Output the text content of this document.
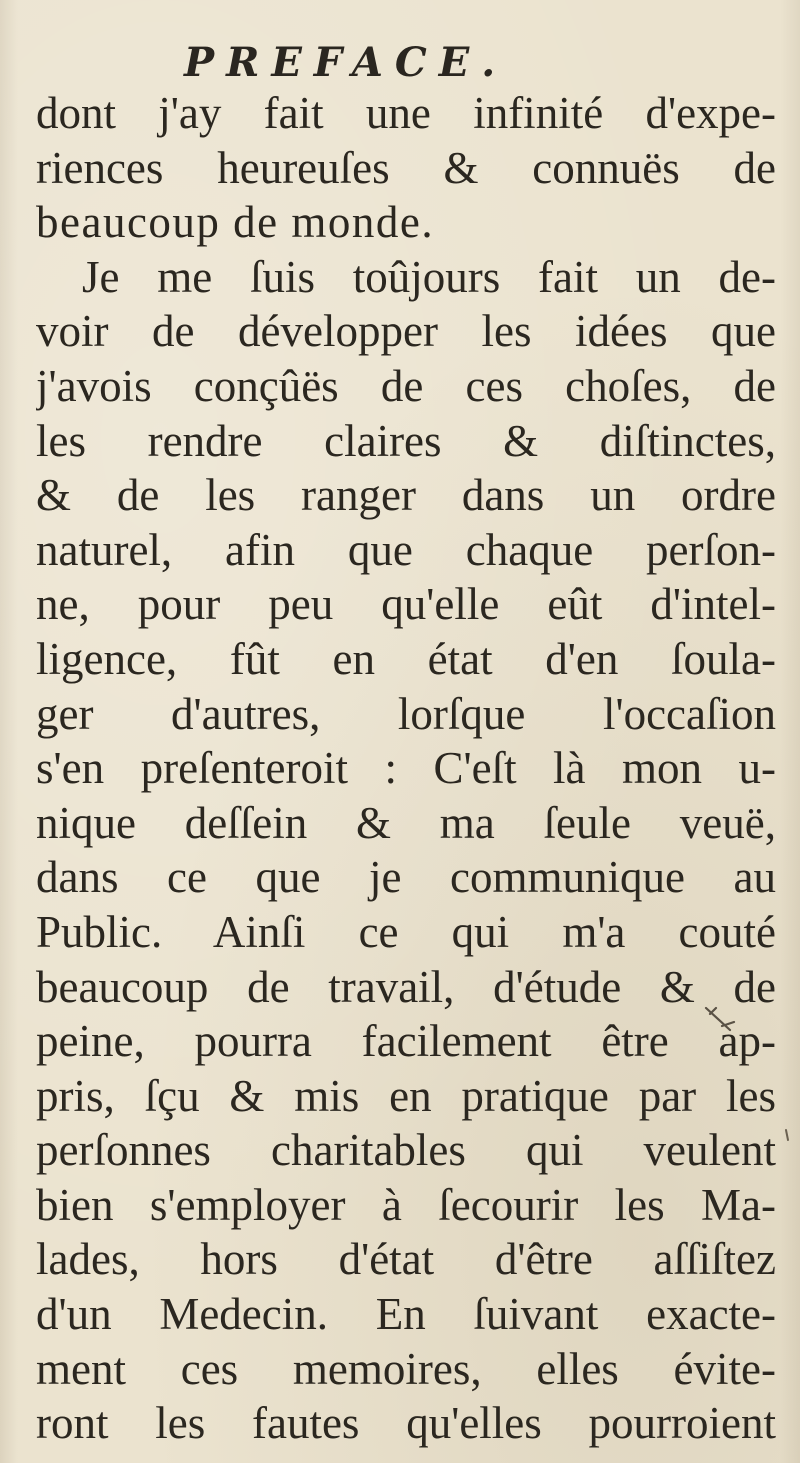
PREFACE.
dont j'ay fait une infinité d'expe-
riences heureuſes & connuës de
beaucoup de monde.
Je me ſuis toûjours fait un de-
voir de développer les idées que
j'avois conçûës de ces choſes, de
les rendre claires & diſtinctes,
& de les ranger dans un ordre
naturel, afin que chaque perſon-
ne, pour peu qu'elle eût d'intel-
ligence, fût en état d'en ſoula-
ger d'autres, lorſque l'occaſion
s'en preſenteroit : C'eſt là mon u-
nique deſſein & ma ſeule veuë,
dans ce que je communique au
Public. Ainſi ce qui m'a couté
beaucoup de travail, d'étude & de
peine, pourra facilement être ap-
pris, ſçu & mis en pratique par les
perſonnes charitables qui veulent
bien s'employer à ſecourir les Ma-
lades, hors d'état d'être aſſiſtez
d'un Medecin. En ſuivant exacte-
ment ces memoires, elles évite-
ront les fautes qu'elles pourroient
